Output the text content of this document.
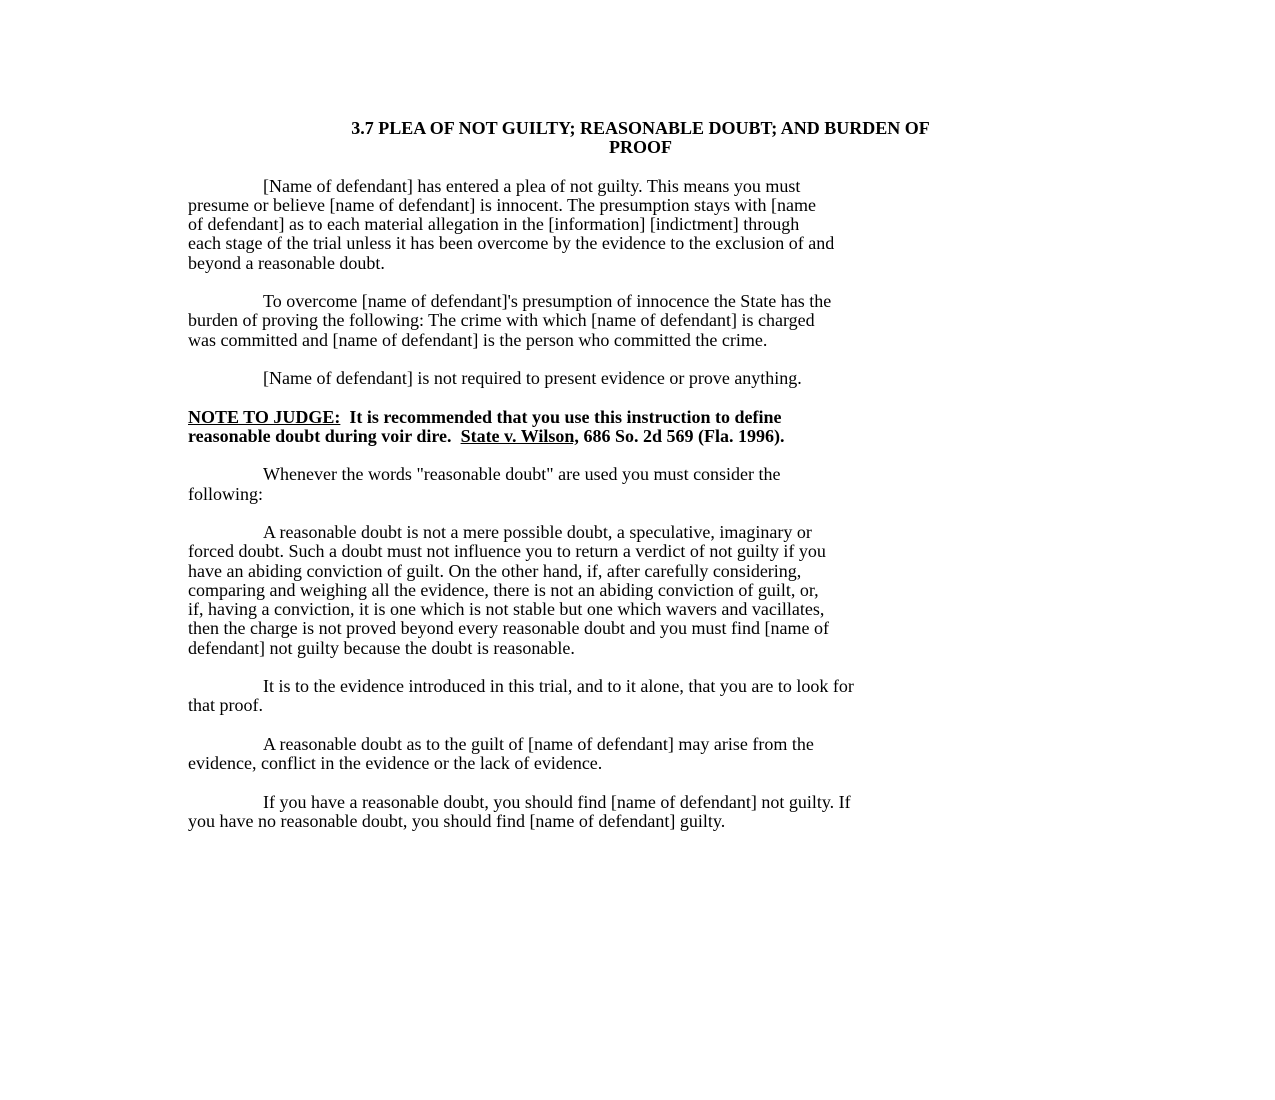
3.7 PLEA OF NOT GUILTY; REASONABLE DOUBT; AND BURDEN OF
PROOF
[Name of defendant] has entered a plea of not guilty. This means you must
presume or believe [name of defendant] is innocent. The presumption stays with [name
of defendant] as to each material allegation in the [information] [indictment] through
each stage of the trial unless it has been overcome by the evidence to the exclusion of and
beyond a reasonable doubt.
To overcome [name of defendant]'s presumption of innocence the State has the
burden of proving the following: The crime with which [name of defendant] is charged
was committed and [name of defendant] is the person who committed the crime.
[Name of defendant] is not required to present evidence or prove anything.
NOTE TO JUDGE:  It is recommended that you use this instruction to define
reasonable doubt during voir dire.  State v. Wilson, 686 So. 2d 569 (Fla. 1996).
Whenever the words "reasonable doubt" are used you must consider the
following:
A reasonable doubt is not a mere possible doubt, a speculative, imaginary or
forced doubt. Such a doubt must not influence you to return a verdict of not guilty if you
have an abiding conviction of guilt. On the other hand, if, after carefully considering,
comparing and weighing all the evidence, there is not an abiding conviction of guilt, or,
if, having a conviction, it is one which is not stable but one which wavers and vacillates,
then the charge is not proved beyond every reasonable doubt and you must find [name of
defendant] not guilty because the doubt is reasonable.
It is to the evidence introduced in this trial, and to it alone, that you are to look for
that proof.
A reasonable doubt as to the guilt of [name of defendant] may arise from the
evidence, conflict in the evidence or the lack of evidence.
If you have a reasonable doubt, you should find [name of defendant] not guilty. If
you have no reasonable doubt, you should find [name of defendant] guilty.
